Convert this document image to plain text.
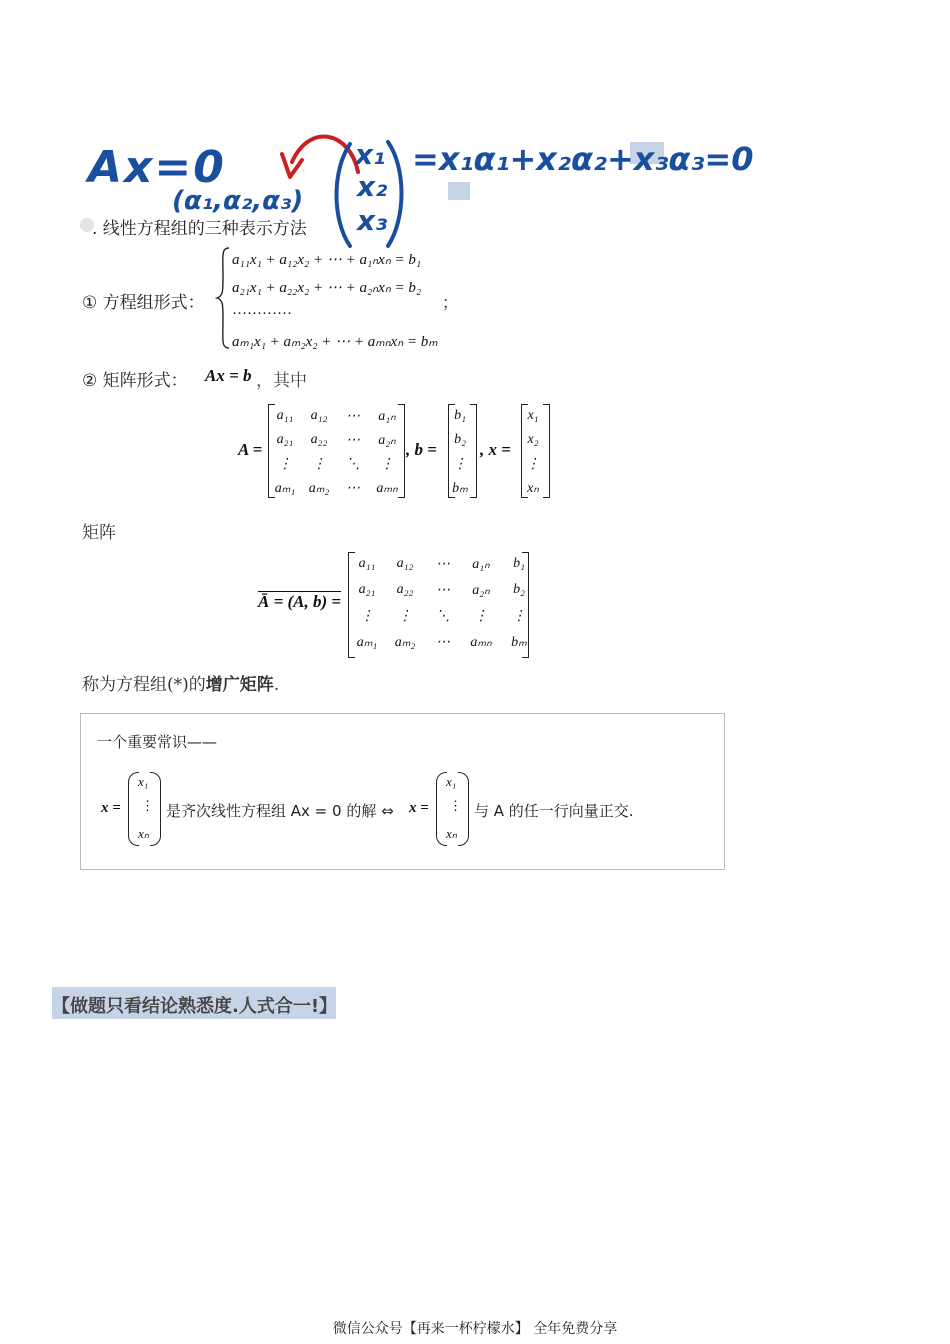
Ax=0
(α₁,α₂,α₃)
x₁
x₂
x₃
=x₁α₁+x₂α₂+x₃α₃=0
. 线性方程组的三种表示方法
① 方程组形式：
a₁₁x₁ + a₁₂x₂ + ⋯ + a₁ₙxₙ = b₁
a₂₁x₁ + a₂₂x₂ + ⋯ + a₂ₙxₙ = b₂
…………
aₘ₁x₁ + aₘ₂x₂ + ⋯ + aₘₙxₙ = bₘ
；
② 矩阵形式： Ax = b ，其中
A =
a₁₁	a₁₂	⋯	a₁ₙ
a₂₁	a₂₂	⋯	a₂ₙ
⋮	⋮	⋱	⋮
aₘ₁ aₘ₂	⋯	aₘₙ
, b =
b₁
b₂
⋮
bₘ
, x =
x₁
x₂
⋮
xₙ
矩阵
Ā = (A, b) =
a₁₁	a₁₂	⋯	a₁ₙ	b₁
a₂₁	a₂₂	⋯	a₂ₙ	b₂
⋮	⋮	⋱	⋮	⋮
aₘ₁	aₘ₂	⋯	aₘₙ	bₘ
称为方程组(*)的增广矩阵.
一个重要常识——
x =
x₁
⋮
xₙ
是齐次线性方程组 Ax = 0 的解 ⇔ x =
x₁
⋮
xₙ
与 A 的任一行向量正交.
【做题只看结论熟悉度.人式合一!】
微信公众号【再来一杯柠檬水】 全年免费分享
